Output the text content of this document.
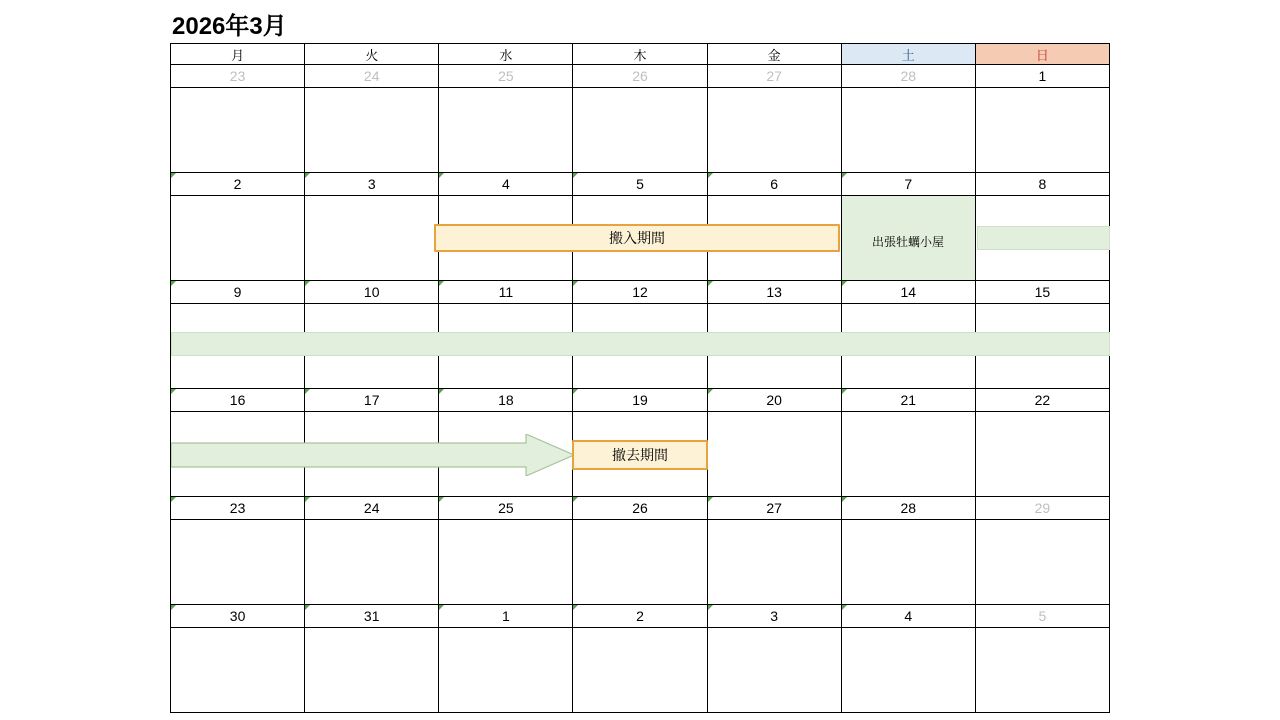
2026年3月
月	火	水	木	金	土	日
23	24	25	26	27	28	1

2	3	4	5	6	7	8

9	10	11	12	13	14	15

16	17	18	19	20	21	22

23	24	25	26	27	28	29

30	31	1	2	3	4	5

出張牡蠣小屋
搬入期間
撤去期間
